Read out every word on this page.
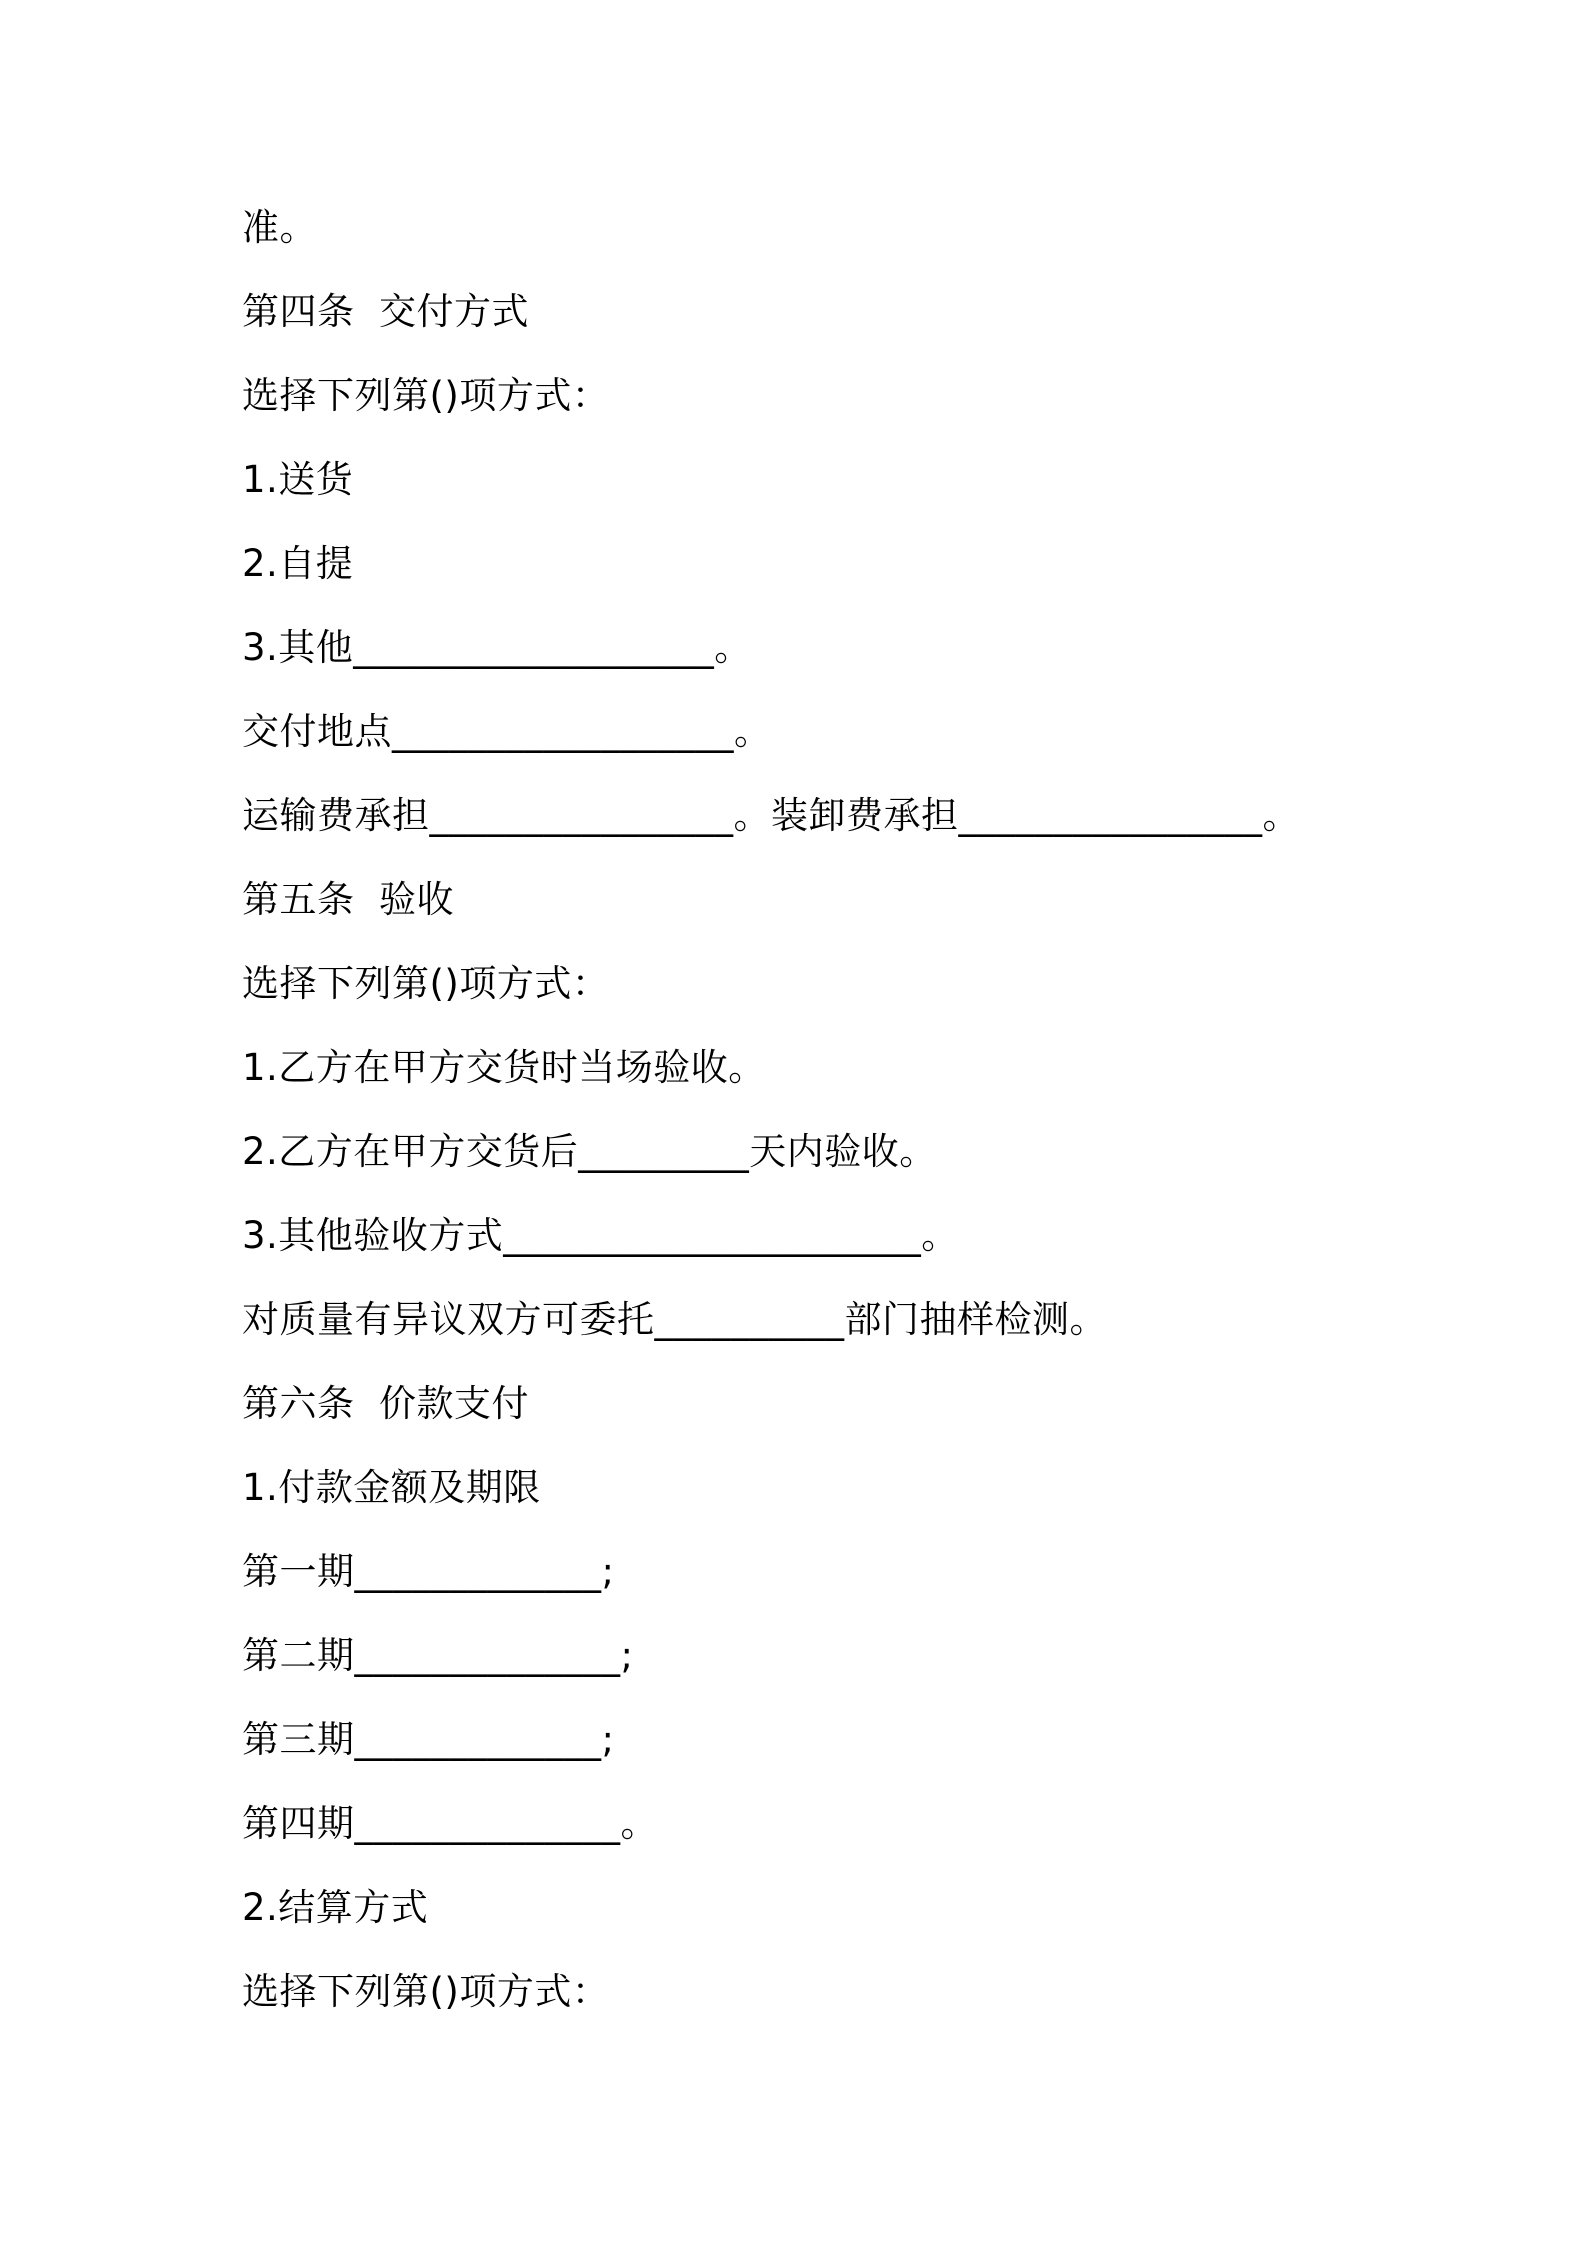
准。
第四条  交付方式
选择下列第()项方式：
1.送货
2.自提
3.其他___________________。
交付地点__________________。
运输费承担________________。装卸费承担________________。
第五条  验收
选择下列第()项方式：
1.乙方在甲方交货时当场验收。
2.乙方在甲方交货后_________天内验收。
3.其他验收方式______________________。
对质量有异议双方可委托__________部门抽样检测。
第六条  价款支付
1.付款金额及期限
第一期_____________;
第二期______________;
第三期_____________;
第四期______________。
2.结算方式
选择下列第()项方式：
